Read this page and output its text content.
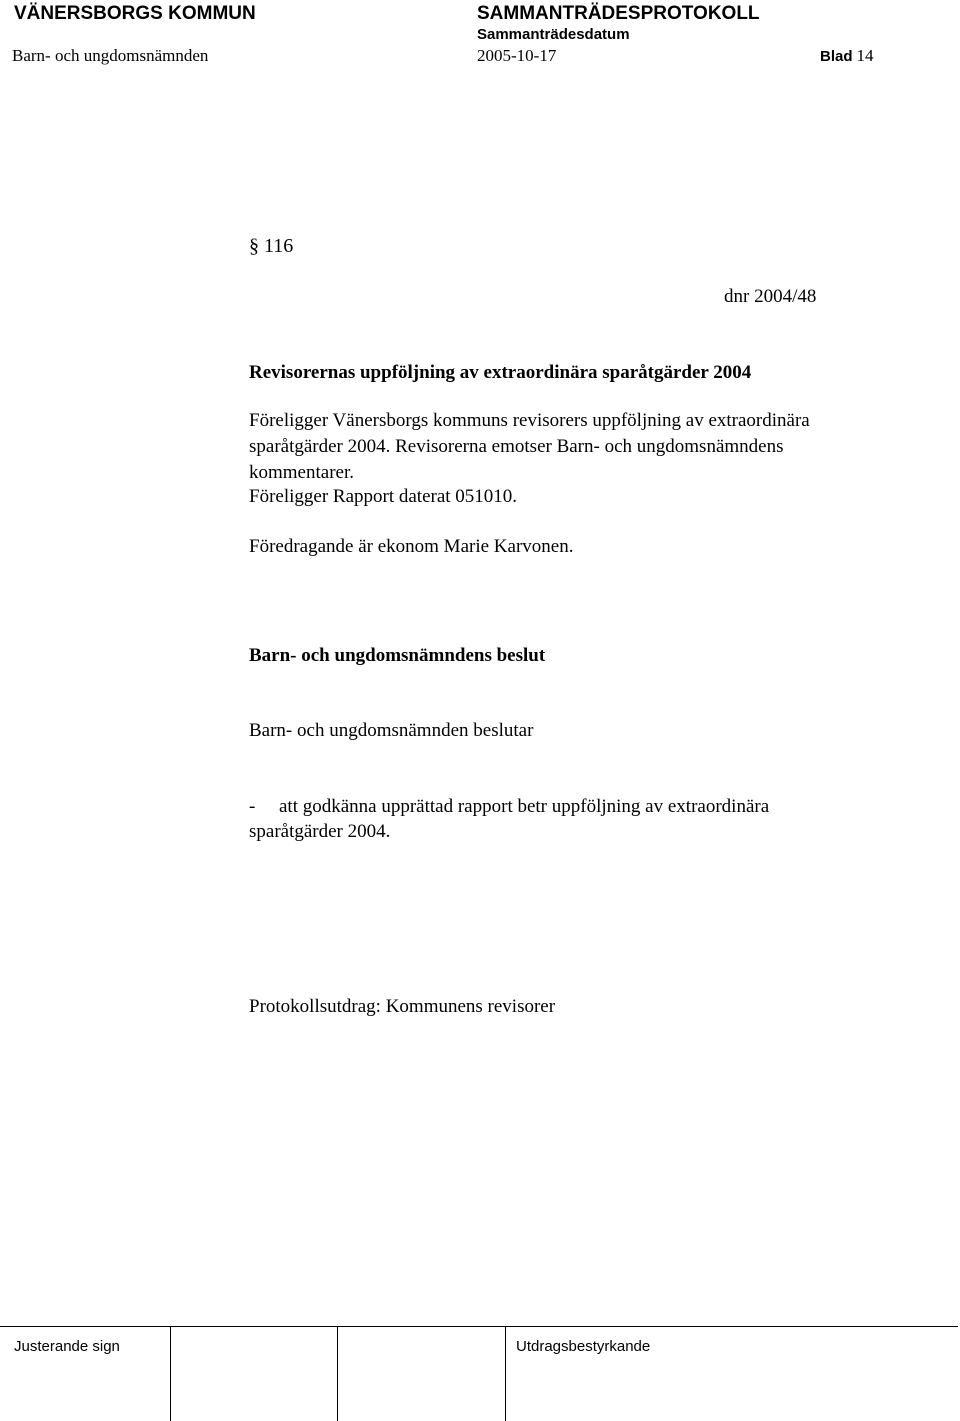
VÄNERSBORGS KOMMUN	SAMMANTRÄDESPROTOKOLL
Sammanträdesdatum
Barn- och ungdomsnämnden	2005-10-17	Blad 14
§ 116
dnr 2004/48
Revisorernas uppföljning av extraordinära sparåtgärder 2004
Föreligger Vänersborgs kommuns revisorers uppföljning av extraordinära
sparåtgärder 2004. Revisorerna emotser Barn- och ungdomsnämndens
kommentarer.
Föreligger Rapport daterat 051010.
Föredragande är ekonom Marie Karvonen.
Barn- och ungdomsnämndens beslut
Barn- och ungdomsnämnden beslutar
- att godkänna upprättad rapport betr uppföljning av extraordinära
sparåtgärder 2004.
Protokollsutdrag: Kommunens revisorer
Justerande sign	Utdragsbestyrkande
